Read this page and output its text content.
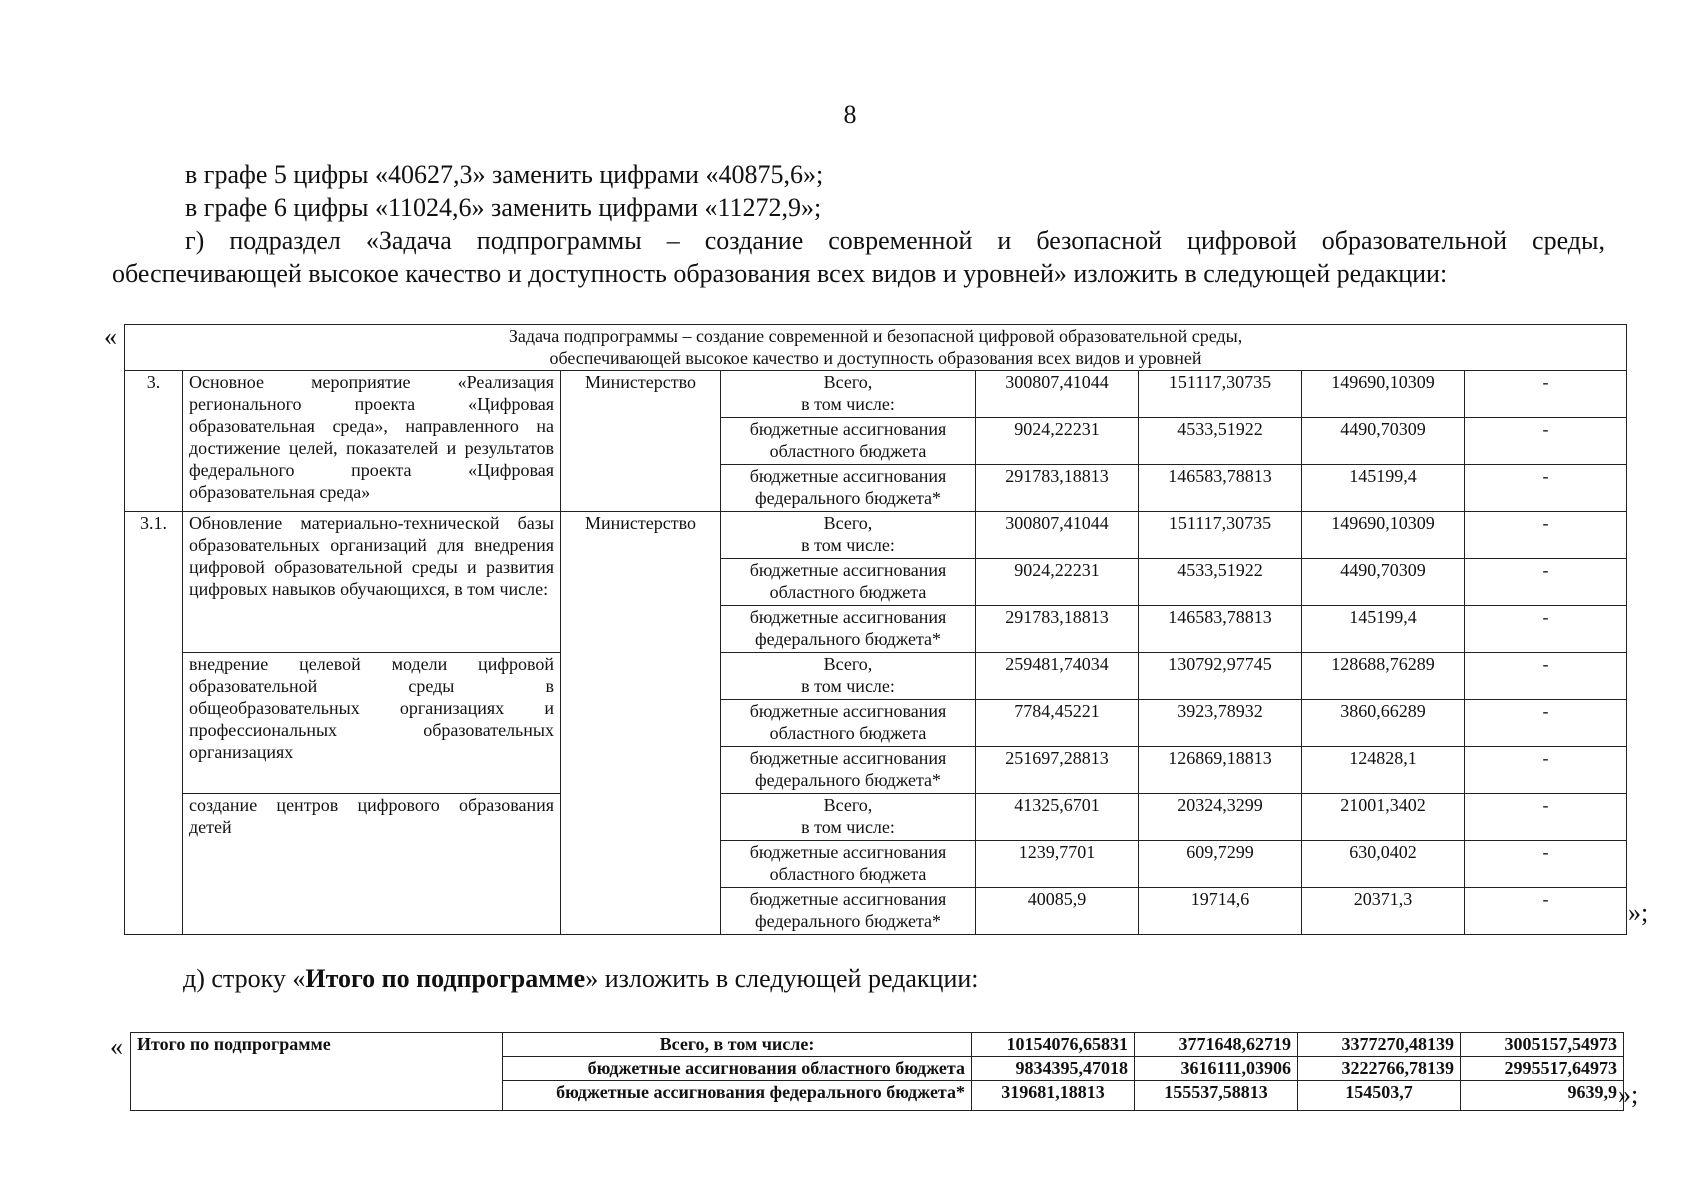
8
в графе 5 цифры «40627,3» заменить цифрами «40875,6»;
в графе 6 цифры «11024,6» заменить цифрами «11272,9»;
г) подраздел «Задача подпрограммы – создание современной и безопасной цифровой образовательной среды,
обеспечивающей высокое качество и доступность образования всех видов и уровней» изложить в следующей редакции:
«	Задача подпрограммы – создание современной и безопасной цифровой образовательной среды,
обеспечивающей высокое качество и доступность образования всех видов и уровней							

3.	Основное мероприятие «Реализация регионального проекта «Цифровая образовательная среда», направленного на достижение целей, показателей и результатов федерального проекта «Цифровая образовательная среда»	Министерство	Всего,
в том числе:	300807,41044	151117,30735	149690,10309	-

			бюджетные ассигнования
областного бюджета	9024,22231	4533,51922	4490,70309	-

			бюджетные ассигнования
федерального бюджета*	291783,18813	146583,78813	145199,4	-
3.1.	Обновление материально-технической базы образовательных организаций для внедрения цифровой образовательной среды и развития цифровых навыков обучающихся, в том числе:	Министерство	Всего,
в том числе:	300807,41044	151117,30735	149690,10309	-

			бюджетные ассигнования
областного бюджета	9024,22231	4533,51922	4490,70309	-

			бюджетные ассигнования
федерального бюджета*	291783,18813	146583,78813	145199,4	-
	внедрение целевой модели цифровой образовательной среды в общеобразовательных организациях и профессиональных образовательных организациях		Всего,
в том числе:	259481,74034	130792,97745	128688,76289	-

			бюджетные ассигнования
областного бюджета	7784,45221	3923,78932	3860,66289	-

			бюджетные ассигнования
федерального бюджета*	251697,28813	126869,18813	124828,1	-
	создание центров цифрового образования детей		Всего,
в том числе:	41325,6701	20324,3299	21001,3402	-

			бюджетные ассигнования
областного бюджета	1239,7701	609,7299	630,0402	-

			бюджетные ассигнования
федерального бюджета*	40085,9	19714,6	20371,3	-	»;
д) строку «Итого по подпрограмме» изложить в следующей редакции:
« Итого по подпрограмме	Всего, в том числе:	10154076,65831	3771648,62719	3377270,48139	3005157,54973
	бюджетные ассигнования областного бюджета	9834395,47018	3616111,03906	3222766,78139	2995517,64973
	бюджетные ассигнования федерального бюджета*	319681,18813	155537,58813	154503,7	9639,9 »;
